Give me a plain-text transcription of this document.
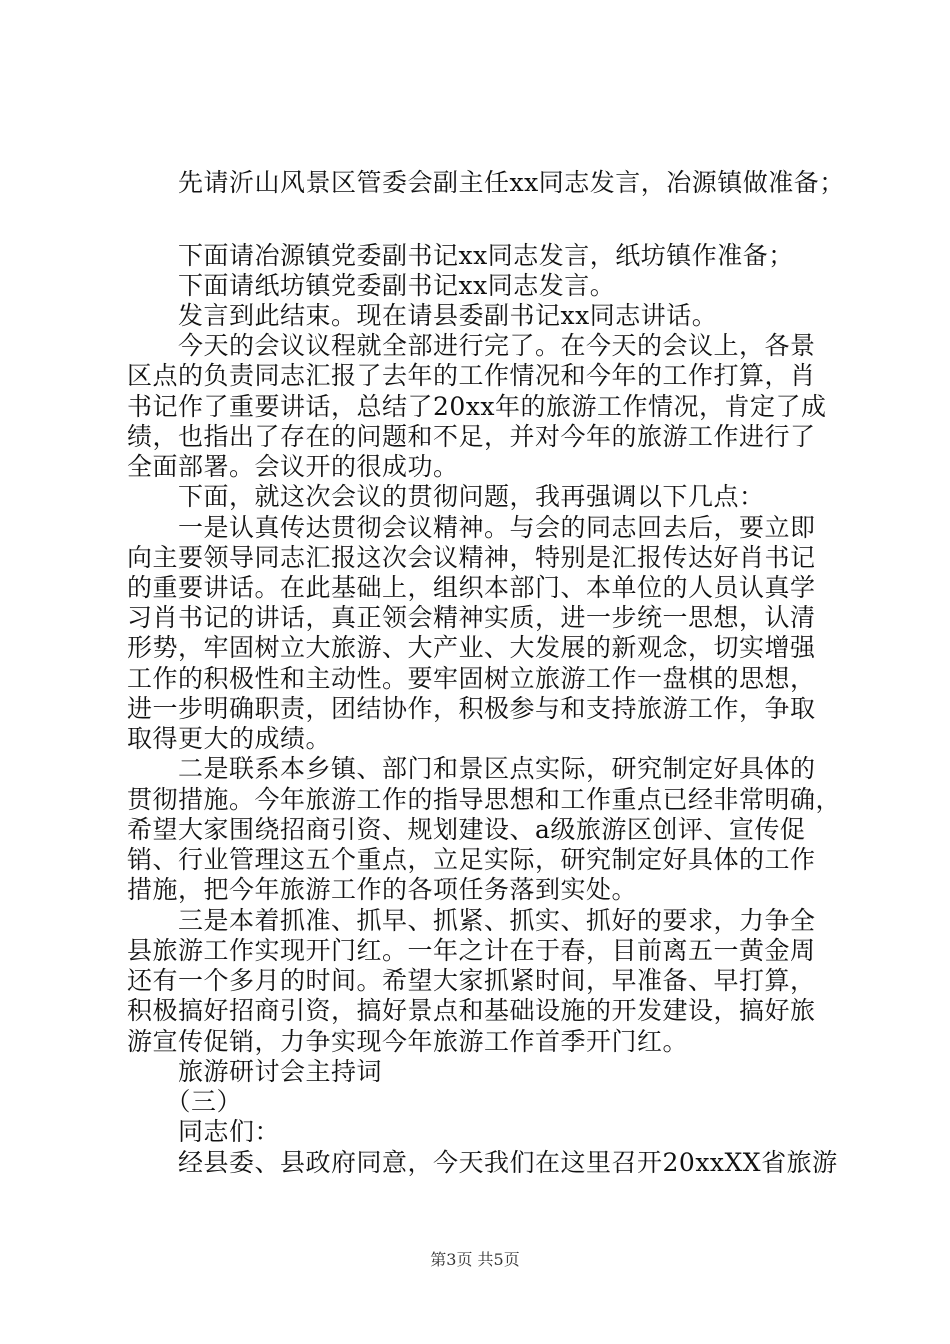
　　先请沂山风景区管委会副主任xx同志发言，冶源镇做准备；
　　下面请冶源镇党委副书记xx同志发言，纸坊镇作准备；
　　下面请纸坊镇党委副书记xx同志发言。
　　发言到此结束。现在请县委副书记xx同志讲话。
　　今天的会议议程就全部进行完了。在今天的会议上，各景
区点的负责同志汇报了去年的工作情况和今年的工作打算，肖
书记作了重要讲话，总结了20xx年的旅游工作情况，肯定了成
绩，也指出了存在的问题和不足，并对今年的旅游工作进行了
全面部署。会议开的很成功。
　　下面，就这次会议的贯彻问题，我再强调以下几点：
　　一是认真传达贯彻会议精神。与会的同志回去后，要立即
向主要领导同志汇报这次会议精神，特别是汇报传达好肖书记
的重要讲话。在此基础上，组织本部门、本单位的人员认真学
习肖书记的讲话，真正领会精神实质，进一步统一思想，认清
形势，牢固树立大旅游、大产业、大发展的新观念，切实增强
工作的积极性和主动性。要牢固树立旅游工作一盘棋的思想，
进一步明确职责，团结协作，积极参与和支持旅游工作，争取
取得更大的成绩。
　　二是联系本乡镇、部门和景区点实际，研究制定好具体的
贯彻措施。今年旅游工作的指导思想和工作重点已经非常明确，
希望大家围绕招商引资、规划建设、a级旅游区创评、宣传促
销、行业管理这五个重点，立足实际，研究制定好具体的工作
措施，把今年旅游工作的各项任务落到实处。
　　三是本着抓准、抓早、抓紧、抓实、抓好的要求，力争全
县旅游工作实现开门红。一年之计在于春，目前离五一黄金周
还有一个多月的时间。希望大家抓紧时间，早准备、早打算，
积极搞好招商引资，搞好景点和基础设施的开发建设，搞好旅
游宣传促销，力争实现今年旅游工作首季开门红。
　　旅游研讨会主持词
　　（三）
　　同志们：
　　经县委、县政府同意，今天我们在这里召开20xxXX省旅游
第3页 共5页
